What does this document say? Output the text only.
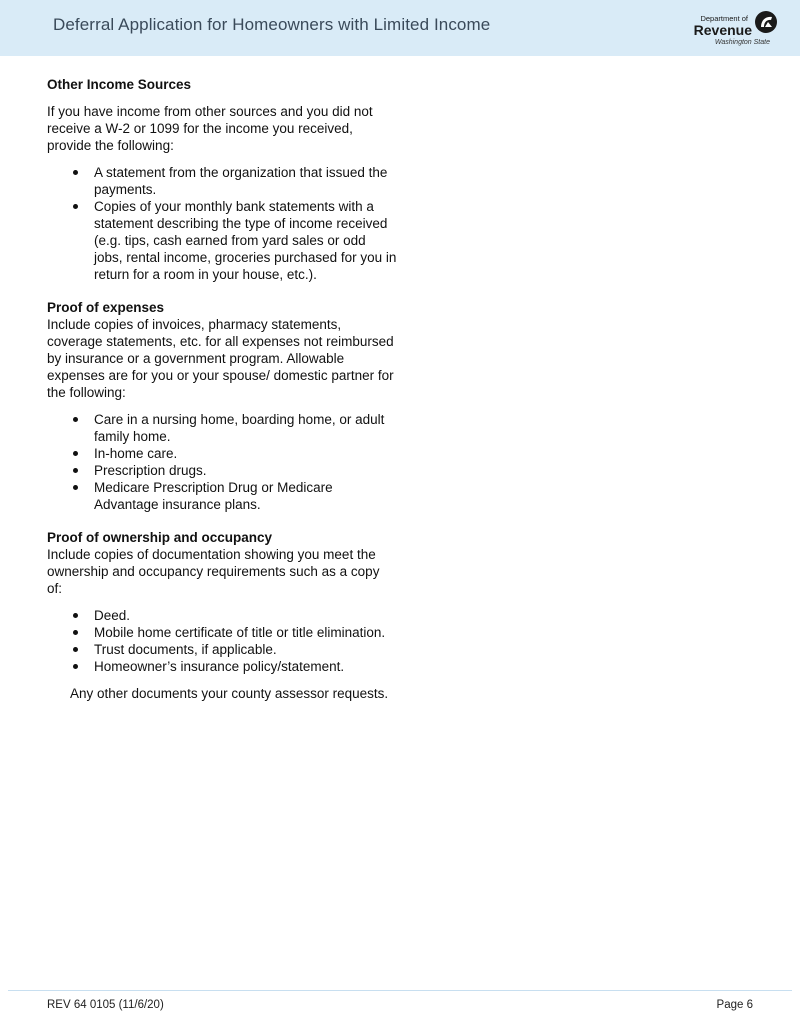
Deferral Application for Homeowners with Limited Income	Department of
Revenue
Washington State
Other Income Sources

If you have income from other sources and you did not receive a W-2 or 1099 for the income you received, provide the following:

A statement from the organization that issued the payments.
Copies of your monthly bank statements with a statement describing the type of income received (e.g. tips, cash earned from yard sales or odd jobs, rental income, groceries purchased for you in return for a room in your house, etc.).
Proof of expenses

Include copies of invoices, pharmacy statements, coverage statements, etc. for all expenses not reimbursed by insurance or a government program. Allowable expenses are for you or your spouse/ domestic partner for the following:

Care in a nursing home, boarding home, or adult family home.
In-home care.
Prescription drugs.
Medicare Prescription Drug or Medicare Advantage insurance plans.
Proof of ownership and occupancy

Include copies of documentation showing you meet the ownership and occupancy requirements such as a copy of:

Deed.
Mobile home certificate of title or title elimination.
Trust documents, if applicable.
Homeowner’s insurance policy/statement.

Any other documents your county assessor requests.

REV 64 0105 (11/6/20)	Page 6
